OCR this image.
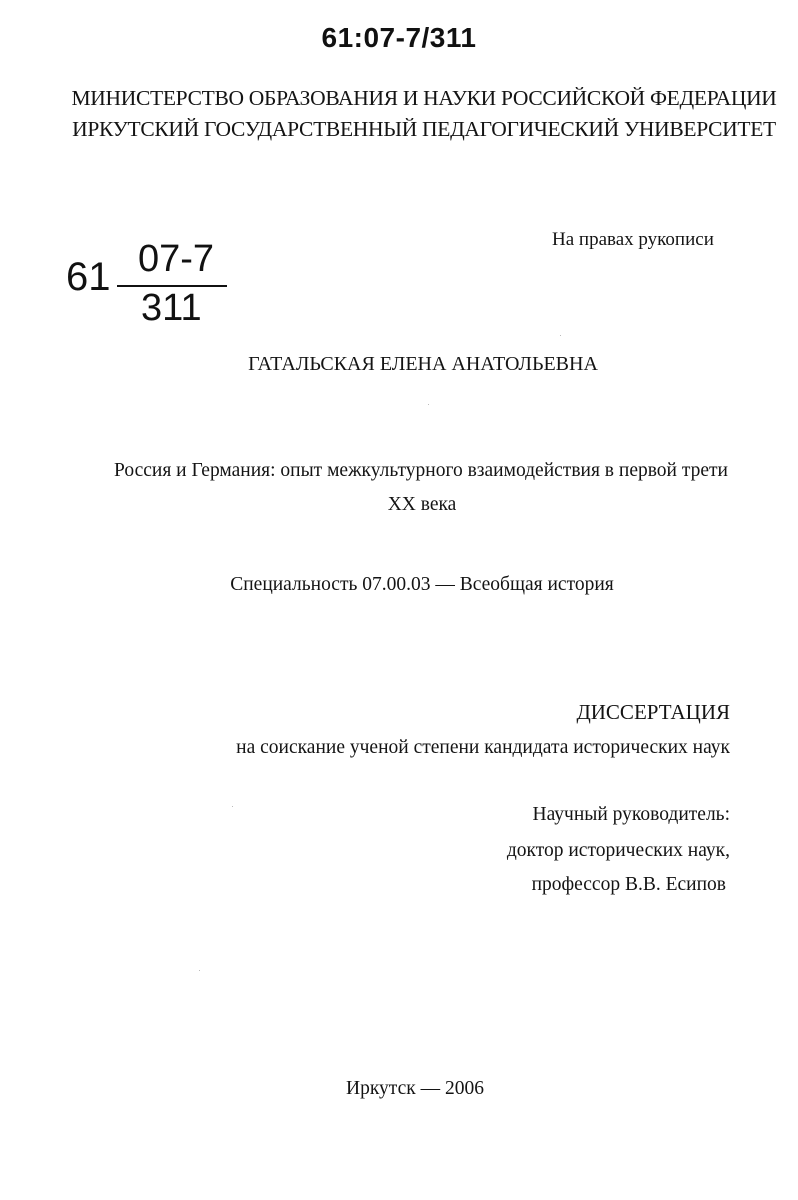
61:07-7/311
МИНИСТЕРСТВО ОБРАЗОВАНИЯ И НАУКИ РОССИЙСКОЙ ФЕДЕРАЦИИ
ИРКУТСКИЙ ГОСУДАРСТВЕННЫЙ ПЕДАГОГИЧЕСКИЙ УНИВЕРСИТЕТ
На правах рукописи
61 07-7
311
ГАТАЛЬСКАЯ ЕЛЕНА АНАТОЛЬЕВНА
Россия и Германия: опыт межкультурного взаимодействия в первой трети
XX века
Специальность 07.00.03 — Всеобщая история
ДИССЕРТАЦИЯ
на соискание ученой степени кандидата исторических наук
Научный руководитель:
доктор исторических наук,
профессор В.В. Есипов
Иркутск — 2006
